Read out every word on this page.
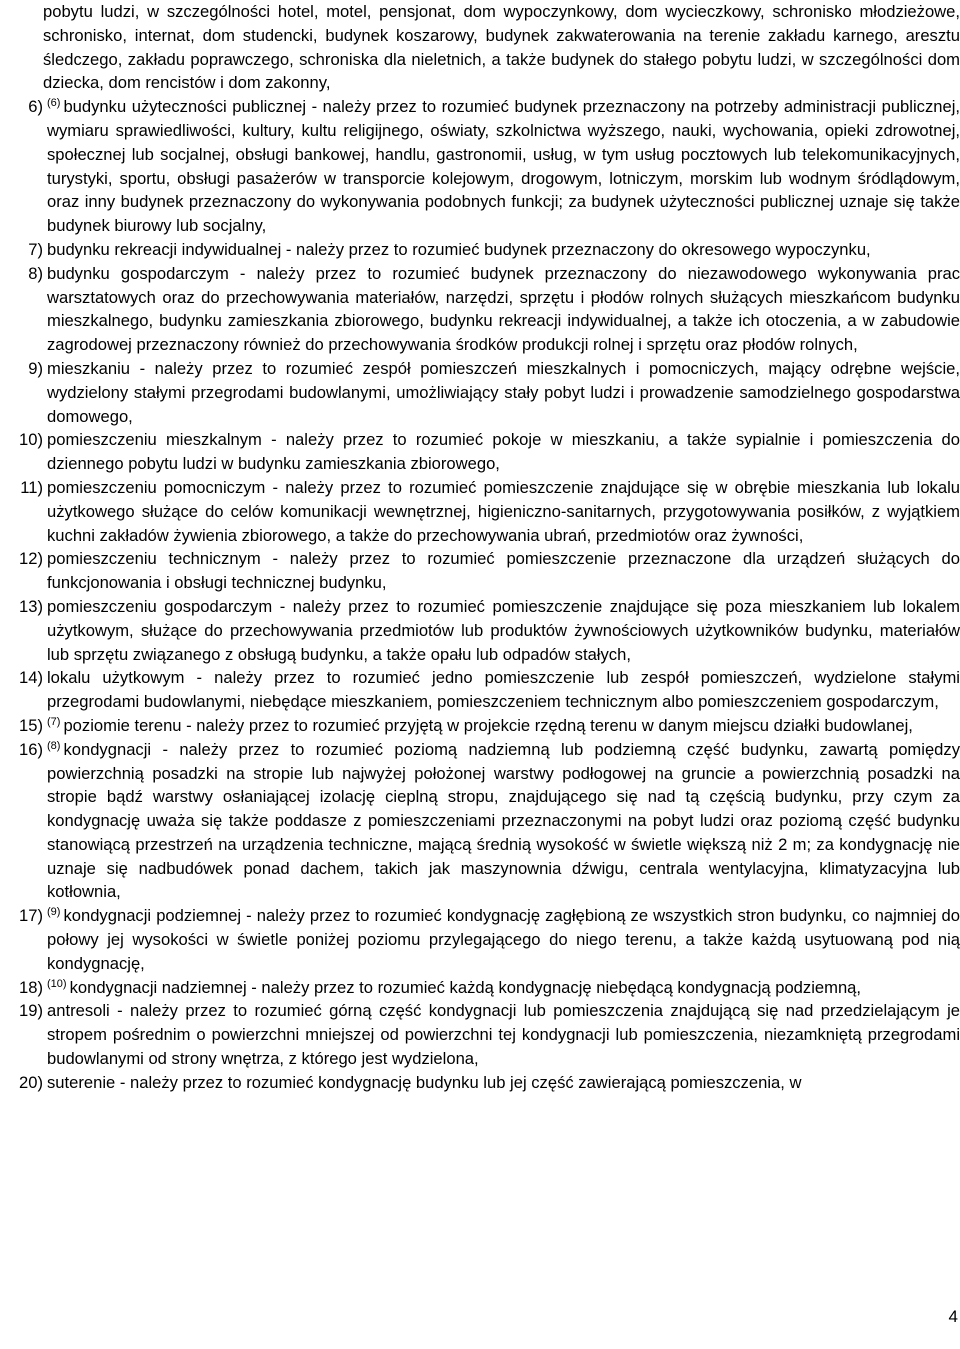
pobytu ludzi, w szczególności hotel, motel, pensjonat, dom wypoczynkowy, dom wycieczkowy, schronisko młodzieżowe, schronisko, internat, dom studencki, budynek koszarowy, budynek zakwaterowania na terenie zakładu karnego, aresztu śledczego, zakładu poprawczego, schroniska dla nieletnich, a także budynek do stałego pobytu ludzi, w szczególności dom dziecka, dom rencistów i dom zakonny,
6) $^{(6)}$ budynku użyteczności publicznej - należy przez to rozumieć budynek przeznaczony na potrzeby administracji publicznej, wymiaru sprawiedliwości, kultury, kultu religijnego, oświaty, szkolnictwa wyższego, nauki, wychowania, opieki zdrowotnej, społecznej lub socjalnej, obsługi bankowej, handlu, gastronomii, usług, w tym usług pocztowych lub telekomunikacyjnych, turystyki, sportu, obsługi pasażerów w transporcie kolejowym, drogowym, lotniczym, morskim lub wodnym śródlądowym, oraz inny budynek przeznaczony do wykonywania podobnych funkcji; za budynek użyteczności publicznej uznaje się także budynek biurowy lub socjalny,
7) budynku rekreacji indywidualnej - należy przez to rozumieć budynek przeznaczony do okresowego wypoczynku,
8) budynku gospodarczym - należy przez to rozumieć budynek przeznaczony do niezawodowego wykonywania prac warsztatowych oraz do przechowywania materiałów, narzędzi, sprzętu i płodów rolnych służących mieszkańcom budynku mieszkalnego, budynku zamieszkania zbiorowego, budynku rekreacji indywidualnej, a także ich otoczenia, a w zabudowie zagrodowej przeznaczony również do przechowywania środków produkcji rolnej i sprzętu oraz płodów rolnych,
9) mieszkaniu - należy przez to rozumieć zespół pomieszczeń mieszkalnych i pomocniczych, mający odrębne wejście, wydzielony stałymi przegrodami budowlanymi, umożliwiający stały pobyt ludzi i prowadzenie samodzielnego gospodarstwa domowego,
10) pomieszczeniu mieszkalnym - należy przez to rozumieć pokoje w mieszkaniu, a także sypialnie i pomieszczenia do dziennego pobytu ludzi w budynku zamieszkania zbiorowego,
11) pomieszczeniu pomocniczym - należy przez to rozumieć pomieszczenie znajdujące się w obrębie mieszkania lub lokalu użytkowego służące do celów komunikacji wewnętrznej, higieniczno-sanitarnych, przygotowywania posiłków, z wyjątkiem kuchni zakładów żywienia zbiorowego, a także do przechowywania ubrań, przedmiotów oraz żywności,
12) pomieszczeniu technicznym - należy przez to rozumieć pomieszczenie przeznaczone dla urządzeń służących do funkcjonowania i obsługi technicznej budynku,
13) pomieszczeniu gospodarczym - należy przez to rozumieć pomieszczenie znajdujące się poza mieszkaniem lub lokalem użytkowym, służące do przechowywania przedmiotów lub produktów żywnościowych użytkowników budynku, materiałów lub sprzętu związanego z obsługą budynku, a także opału lub odpadów stałych,
14) lokalu użytkowym - należy przez to rozumieć jedno pomieszczenie lub zespół pomieszczeń, wydzielone stałymi przegrodami budowlanymi, niebędące mieszkaniem, pomieszczeniem technicznym albo pomieszczeniem gospodarczym,
15) $^{(7)}$ poziomie terenu - należy przez to rozumieć przyjętą w projekcie rzędną terenu w danym miejscu działki budowlanej,
16) $^{(8)}$ kondygnacji - należy przez to rozumieć poziomą nadziemną lub podziemną część budynku, zawartą pomiędzy powierzchnią posadzki na stropie lub najwyżej położonej warstwy podłogowej na gruncie a powierzchnią posadzki na stropie bądź warstwy osłaniającej izolację cieplną stropu, znajdującego się nad tą częścią budynku, przy czym za kondygnację uważa się także poddasze z pomieszczeniami przeznaczonymi na pobyt ludzi oraz poziomą część budynku stanowiącą przestrzeń na urządzenia techniczne, mającą średnią wysokość w świetle większą niż 2 m; za kondygnację nie uznaje się nadbudówek ponad dachem, takich jak maszynownia dźwigu, centrala wentylacyjna, klimatyzacyjna lub kotłownia,
17) $^{(9)}$ kondygnacji podziemnej - należy przez to rozumieć kondygnację zagłębioną ze wszystkich stron budynku, co najmniej do połowy jej wysokości w świetle poniżej poziomu przylegającego do niego terenu, a także każdą usytuowaną pod nią kondygnację,
18) $^{(10)}$ kondygnacji nadziemnej - należy przez to rozumieć każdą kondygnację niebędącą kondygnacją podziemną,
19) antresoli - należy przez to rozumieć górną część kondygnacji lub pomieszczenia znajdującą się nad przedzielającym je stropem pośrednim o powierzchni mniejszej od powierzchni tej kondygnacji lub pomieszczenia, niezamkniętą przegrodami budowlanymi od strony wnętrza, z którego jest wydzielona,
20) suterenie - należy przez to rozumieć kondygnację budynku lub jej część zawierającą pomieszczenia, w
4
